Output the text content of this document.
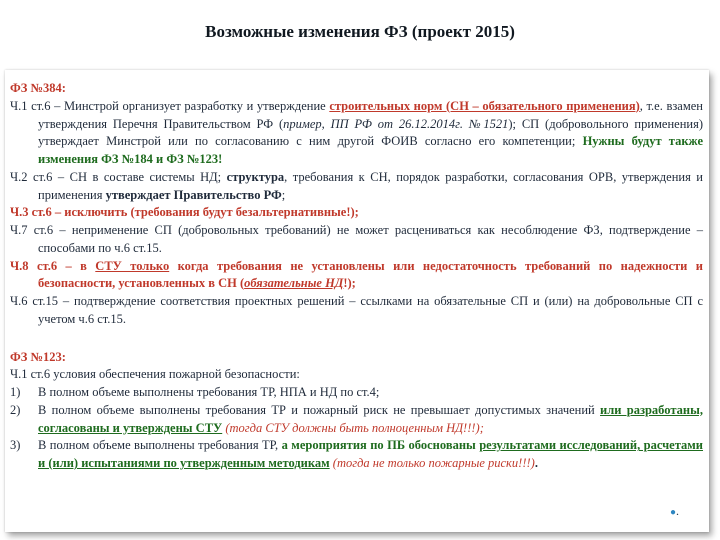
Возможные изменения ФЗ (проект 2015)

ФЗ №384:

Ч.1 ст.6 – Минстрой организует разработку и утверждение строительных норм (СН – обязательного применения), т.е. взамен утверждения Перечня Правительством РФ (пример, ПП РФ от 26.12.2014г. №1521); СП (добровольного применения) утверждает Минстрой или по согласованию с ним другой ФОИВ согласно его компетенции; Нужны будут также изменения ФЗ №184 и ФЗ №123!

Ч.2 ст.6 – СН в составе системы НД; структура, требования к СН, порядок разработки, согласования ОРВ, утверждения и применения утверждает Правительство РФ;

Ч.3 ст.6 – исключить (требования будут безальтернативные!);

Ч.7 ст.6 – неприменение СП (добровольных требований) не может расцениваться как несоблюдение ФЗ, подтверждение – способами по ч.6 ст.15.

Ч.8 ст.6 – в СТУ только когда требования не установлены или недостаточность требований по надежности и безопасности, установленных в СН (обязательные НД!);

Ч.6 ст.15 – подтверждение соответствия проектных решений – ссылками на обязательные СП и (или) на добровольные СП с учетом ч.6 ст.15.

ФЗ №123:

Ч.1 ст.6 условия обеспечения пожарной безопасности:

1)	В полном объеме выполнены требования ТР, НПА и НД по ст.4;
2)	В полном объеме выполнены требования ТР и пожарный риск не превышает допустимых значений или разработаны, согласованы и утверждены СТУ (тогда СТУ должны быть полноценным НД!!!);
3)	В полном объеме выполнены требования ТР, а мероприятия по ПБ обоснованы результатами исследований, расчетами и (или) испытаниями по утвержденным методикам (тогда не только пожарные риски!!!).
●.
